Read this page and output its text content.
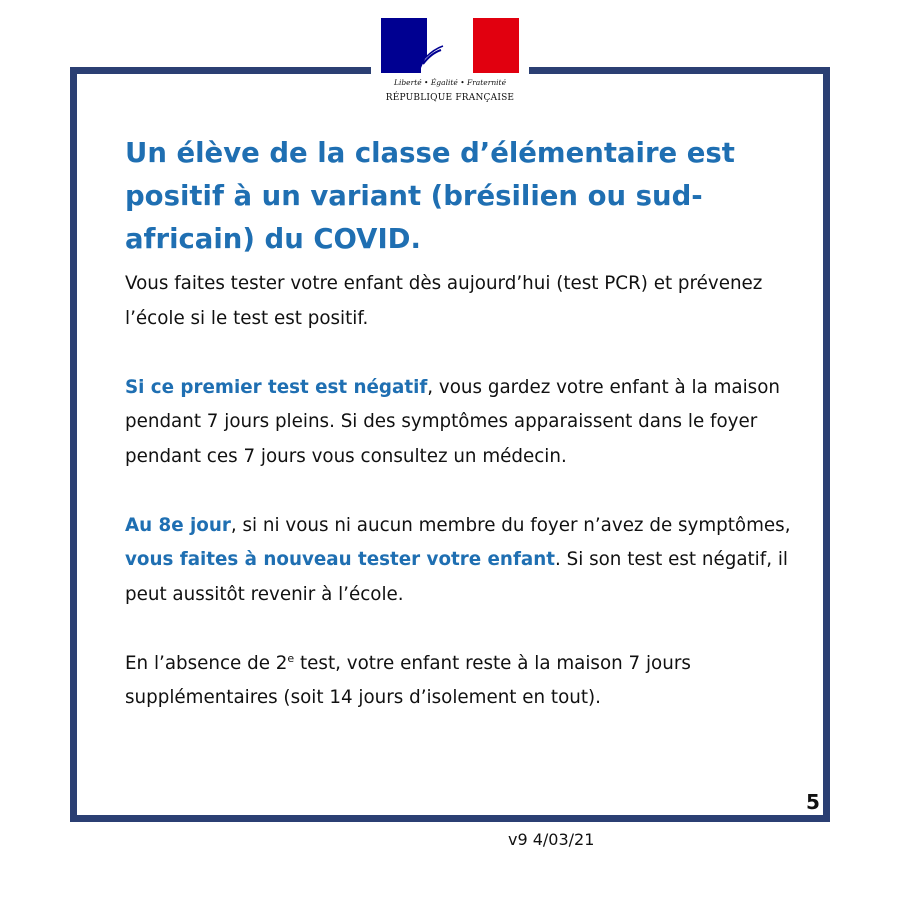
Liberté • Égalité • Fraternité
RÉPUBLIQUE FRANÇAISE
Un élève de la classe d’élémentaire est positif à un variant (brésilien ou sud-africain) du COVID.

Vous faites tester votre enfant dès aujourd’hui (test PCR) et prévenez l’école si le test est positif.

Si ce premier test est négatif, vous gardez votre enfant à la maison pendant 7 jours pleins. Si des symptômes apparaissent dans le foyer pendant ces 7 jours vous consultez un médecin.

Au 8e jour, si ni vous ni aucun membre du foyer n’avez de symptômes, vous faites à nouveau tester votre enfant. Si son test est négatif, il peut aussitôt revenir à l’école.

En l’absence de 2e test, votre enfant reste à la maison 7 jours supplémentaires (soit 14 jours d’isolement en tout).

5
v9 4/03/21
